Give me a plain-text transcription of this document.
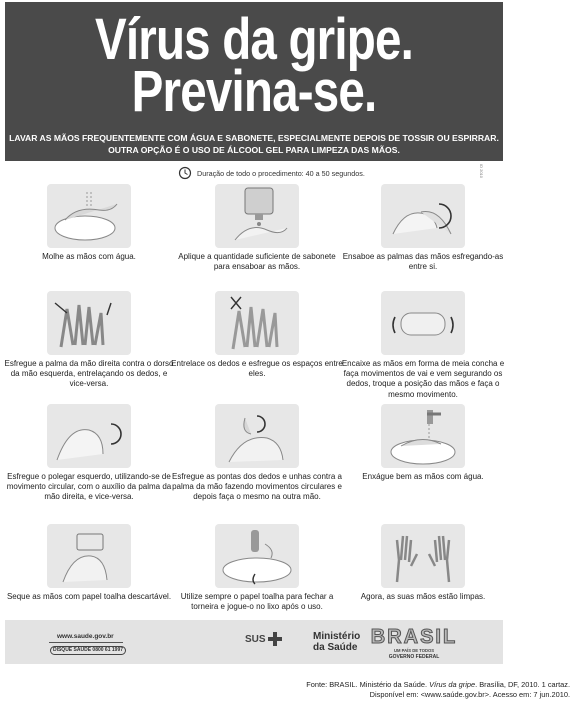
Vírus da gripe.
Previna-se.
LAVAR AS MÃOS FREQUENTEMENTE COM ÁGUA E SABONETE, ESPECIALMENTE DEPOIS DE TOSSIR OU ESPIRRAR.
OUTRA OPÇÃO É O USO DE ÁLCOOL GEL PARA LIMPEZA DAS MÃOS.
Duração de todo o procedimento: 40 a 50 segundos.	ID 2010
Molhe as mãos com água.	Aplique a quantidade suficiente de sabonete para ensaboar as mãos.
Ensaboe as palmas das mãos esfregando-as entre si.
Esfregue a palma da mão direita contra o dorso da mão esquerda, entrelaçando os dedos, e vice-versa.
Entrelace os dedos e esfregue os espaços entre eles.
Encaixe as mãos em forma de meia concha e faça movimentos de vai e vem segurando os dedos, troque a posição das mãos e faça o mesmo movimento.
Esfregue o polegar esquerdo, utilizando-se de movimento circular, com o auxílio da palma da mão direita, e vice-versa.
Esfregue as pontas dos dedos e unhas contra a palma da mão fazendo movimentos circulares e depois faça o mesmo na outra mão.
Enxágue bem as mãos com água.
Seque as mãos com papel toalha descartável.	Utilize sempre o papel toalha para fechar a torneira e jogue-o no lixo após o uso.
Agora, as suas mãos estão limpas.
www.saude.gov.br
DISQUE SAÚDE 0800 61 1997
SUS	Ministério
da Saúde BRASIL
UM PAÍS DE TODOS
GOVERNO FEDERAL
Fonte: BRASIL. Ministério da Saúde. Vírus da gripe. Brasília, DF, 2010. 1 cartaz.
Disponível em: <www.saúde.gov.br>. Acesso em: 7 jun.2010.
